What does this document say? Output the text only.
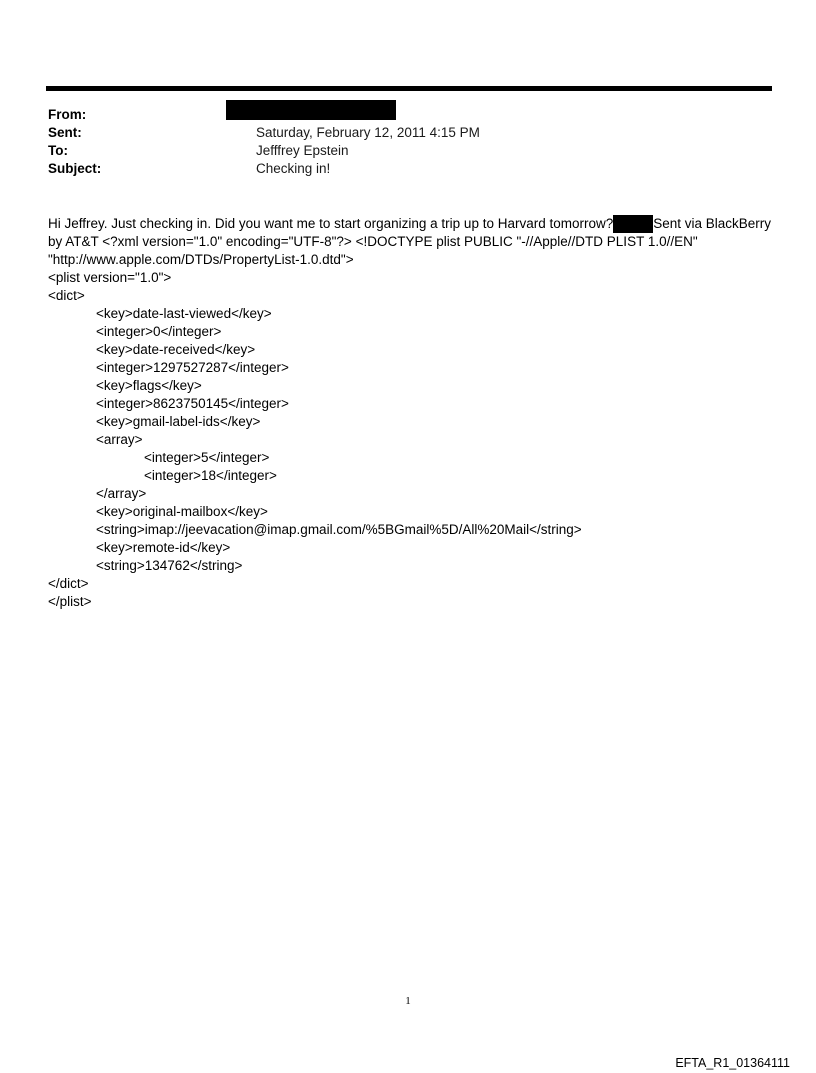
From:
Sent:	Saturday, February 12, 2011 4:15 PM
To:	Jefffrey Epstein
Subject:	Checking in!

Hi Jeffrey. Just checking in. Did you want me to start organizing a trip up to Harvard tomorrow?	Sent via BlackBerry

by AT&T <?xml version="1.0" encoding="UTF-8"?> <!DOCTYPE plist PUBLIC "-//Apple//DTD PLIST 1.0//EN"

"http://www.apple.com/DTDs/PropertyList-1.0.dtd">

<plist version="1.0">
<dict>
<key>date-last-viewed</key>
<integer>0</integer>
<key>date-received</key>
<integer>1297527287</integer>
<key>flags</key>
<integer>8623750145</integer>
<key>gmail-label-ids</key>
<array>
<integer>5</integer>
<integer>18</integer>
</array>
<key>original-mailbox</key>
<string>imap://jeevacation@imap.gmail.com/%5BGmail%5D/All%20Mail</string>
<key>remote-id</key>
<string>134762</string>
</dict>
</plist>
1
EFTA_R1_01364111
